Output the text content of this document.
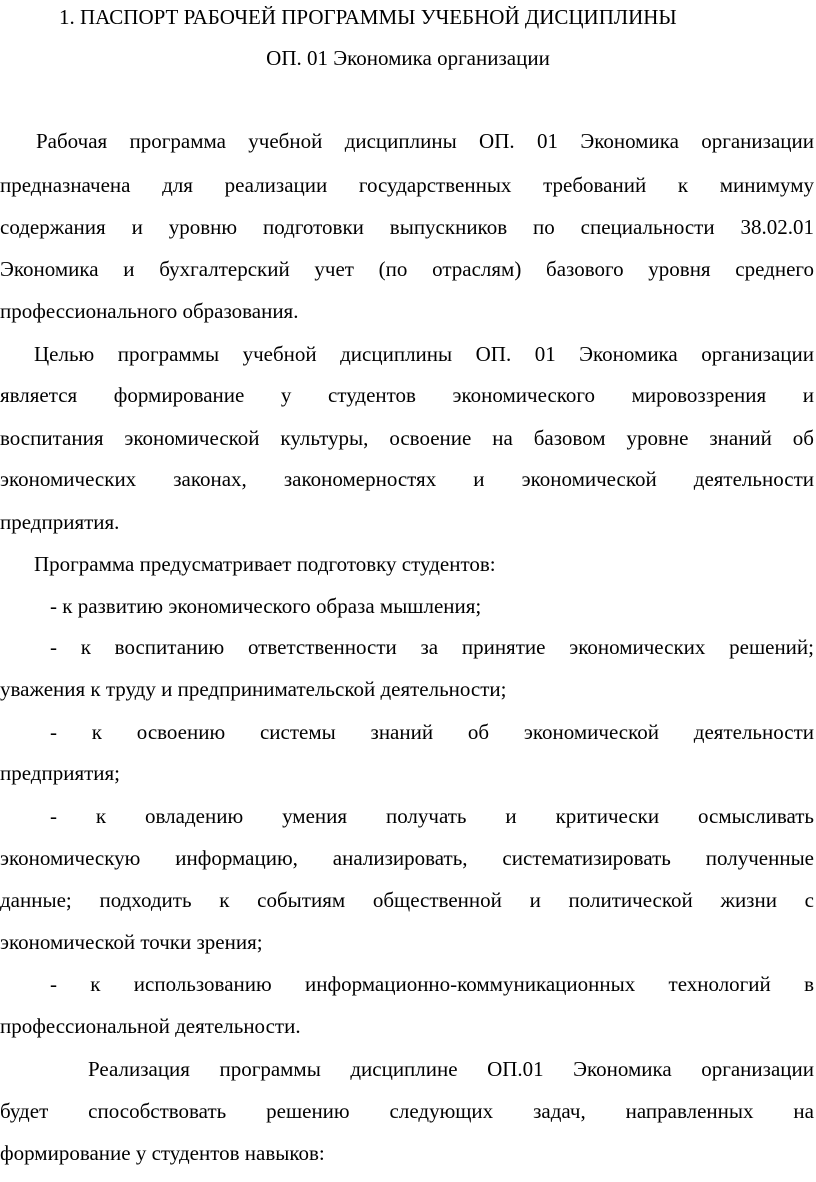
1. ПАСПОРТ РАБОЧЕЙ ПРОГРАММЫ УЧЕБНОЙ ДИСЦИПЛИНЫ
ОП. 01 Экономика организации
Рабочая программа учебной дисциплины ОП. 01 Экономика организации
предназначена для реализации государственных требований к минимуму
содержания и уровню подготовки выпускников по специальности 38.02.01
Экономика и бухгалтерский учет (по отраслям) базового уровня среднего
профессионального образования.
Целью программы учебной дисциплины ОП. 01 Экономика организации
является формирование у студентов экономического мировоззрения и
воспитания экономической культуры, освоение на базовом уровне знаний об
экономических законах, закономерностях и экономической деятельности
предприятия.
Программа предусматривает подготовку студентов:
- к развитию экономического образа мышления;
- к воспитанию ответственности за принятие экономических решений;
уважения к труду и предпринимательской деятельности;
- к освоению системы знаний об экономической деятельности
предприятия;
- к овладению умения получать и критически осмысливать
экономическую информацию, анализировать, систематизировать полученные
данные; подходить к событиям общественной и политической жизни с
экономической точки зрения;
- к использованию информационно-коммуникационных технологий в
профессиональной деятельности.
Реализация программы дисциплине ОП.01 Экономика организации
будет способствовать решению следующих задач, направленных на
формирование у студентов навыков:
